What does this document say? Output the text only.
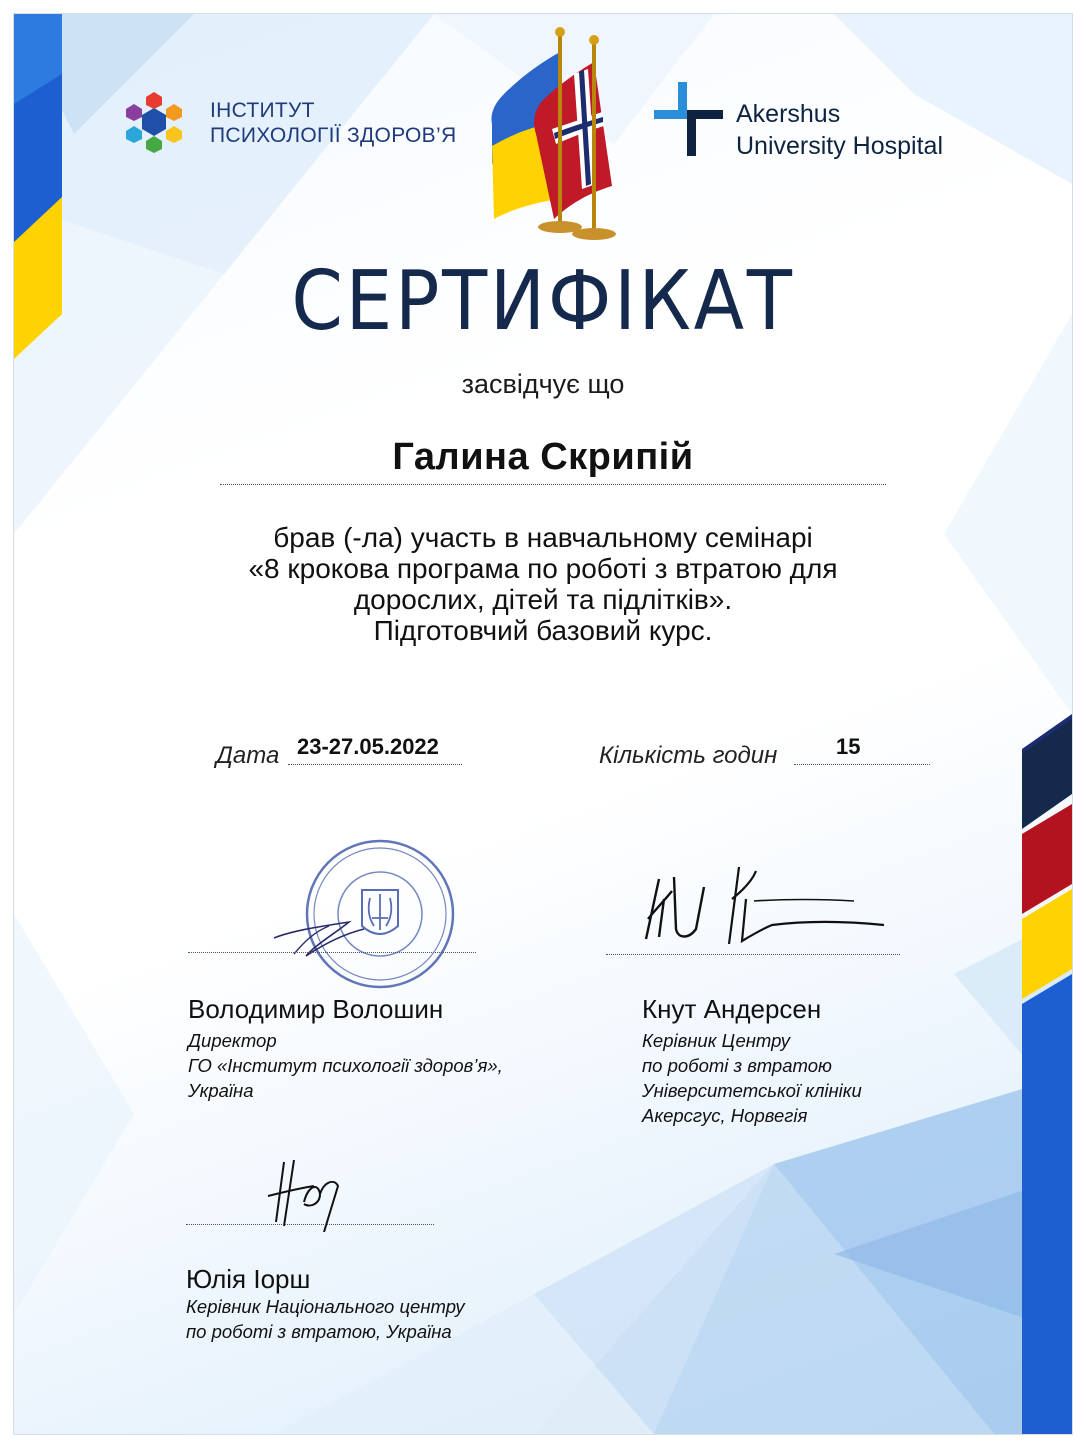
ІНСТИТУТ
ПСИХОЛОГІЇ ЗДОРОВ’Я
Akershus
University Hospital
СЕРТИФІКАТ
засвідчує що
Галина Скрипій
брав (-ла) участь в навчальному семінарі
«8 крокова програма по роботі з втратою для
дорослих, дітей та підлітків».
Підготовчий базовий курс.
Дата 23-27.05.2022	Кількість годин	15
Володимир Волошин
Директор
ГО «Інститут психології здоров’я»,
Україна
Кнут Андерсен
Керівник Центру
по роботі з втратою
Університетської клініки
Акерсгус, Норвегія
Юлія Іорш
Керівник Національного центру
по роботі з втратою, Україна
